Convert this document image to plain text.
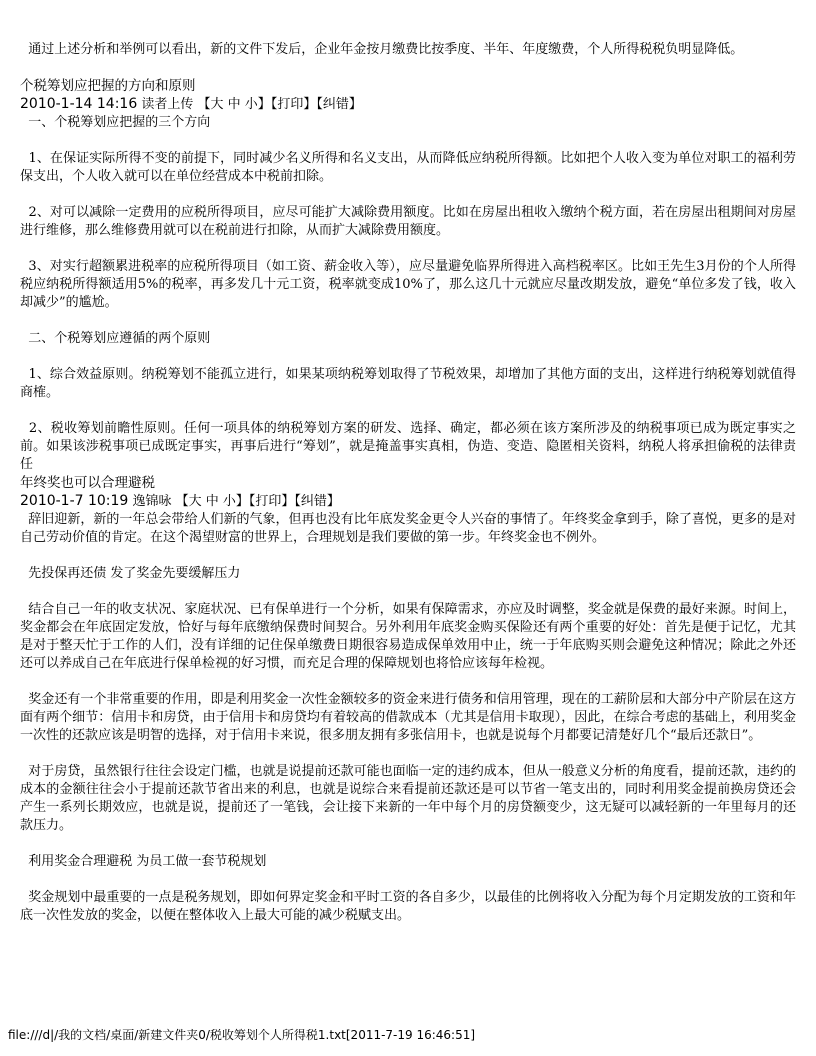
通过上述分析和举例可以看出，新的文件下发后，企业年金按月缴费比按季度、半年、年度缴费，个人所得税税负明显降低。

个税筹划应把握的方向和原则

2010-1-14 14:16 读者上传 【大 中 小】【打印】【纠错】

一、个税筹划应把握的三个方向

1、在保证实际所得不变的前提下，同时减少名义所得和名义支出，从而降低应纳税所得额。比如把个人收入变为单位对职工的福利劳保支出，个人收入就可以在单位经营成本中税前扣除。

2、对可以减除一定费用的应税所得项目，应尽可能扩大减除费用额度。比如在房屋出租收入缴纳个税方面，若在房屋出租期间对房屋进行维修，那么维修费用就可以在税前进行扣除，从而扩大减除费用额度。

3、对实行超额累进税率的应税所得项目（如工资、薪金收入等），应尽量避免临界所得进入高档税率区。比如王先生3月份的个人所得税应纳税所得额适用5%的税率，再多发几十元工资，税率就变成10%了，那么这几十元就应尽量改期发放，避免“单位多发了钱，收入却减少”的尴尬。

二、个税筹划应遵循的两个原则

1、综合效益原则。纳税筹划不能孤立进行，如果某项纳税筹划取得了节税效果，却增加了其他方面的支出，这样进行纳税筹划就值得商榷。

2、税收筹划前瞻性原则。任何一项具体的纳税筹划方案的研发、选择、确定，都必须在该方案所涉及的纳税事项已成为既定事实之前。如果该涉税事项已成既定事实，再事后进行“筹划”，就是掩盖事实真相，伪造、变造、隐匿相关资料，纳税人将承担偷税的法律责任

年终奖也可以合理避税

2010-1-7 10:19 逸锦咏 【大 中 小】【打印】【纠错】

辞旧迎新，新的一年总会带给人们新的气象，但再也没有比年底发奖金更令人兴奋的事情了。年终奖金拿到手，除了喜悦，更多的是对自己劳动价值的肯定。在这个渴望财富的世界上，合理规划是我们要做的第一步。年终奖金也不例外。

先投保再还债 发了奖金先要缓解压力

结合自己一年的收支状况、家庭状况、已有保单进行一个分析，如果有保障需求，亦应及时调整，奖金就是保费的最好来源。时间上，奖金都会在年底固定发放，恰好与每年底缴纳保费时间契合。另外利用年底奖金购买保险还有两个重要的好处：首先是便于记忆，尤其是对于整天忙于工作的人们，没有详细的记住保单缴费日期很容易造成保单效用中止，统一于年底购买则会避免这种情况；除此之外还还可以养成自己在年底进行保单检视的好习惯，而充足合理的保障规划也将恰应该每年检视。

奖金还有一个非常重要的作用，即是利用奖金一次性金额较多的资金来进行债务和信用管理，现在的工薪阶层和大部分中产阶层在这方面有两个细节：信用卡和房贷，由于信用卡和房贷均有着较高的借款成本（尤其是信用卡取现），因此，在综合考虑的基础上，利用奖金一次性的还款应该是明智的选择，对于信用卡来说，很多朋友拥有多张信用卡，也就是说每个月都要记清楚好几个“最后还款日”。

对于房贷，虽然银行往往会设定门槛，也就是说提前还款可能也面临一定的违约成本，但从一般意义分析的角度看，提前还款，违约的成本的金额往往会小于提前还款节省出来的利息，也就是说综合来看提前还款还是可以节省一笔支出的，同时利用奖金提前换房贷还会产生一系列长期效应，也就是说，提前还了一笔钱，会让接下来新的一年中每个月的房贷额变少，这无疑可以减轻新的一年里每月的还款压力。

利用奖金合理避税 为员工做一套节税规划

奖金规划中最重要的一点是税务规划，即如何界定奖金和平时工资的各自多少，以最佳的比例将收入分配为每个月定期发放的工资和年底一次性发放的奖金，以便在整体收入上最大可能的减少税赋支出。

file:///d|/我的文档/桌面/新建文件夹0/税收筹划个人所得税1.txt[2011-7-19 16:46:51]
